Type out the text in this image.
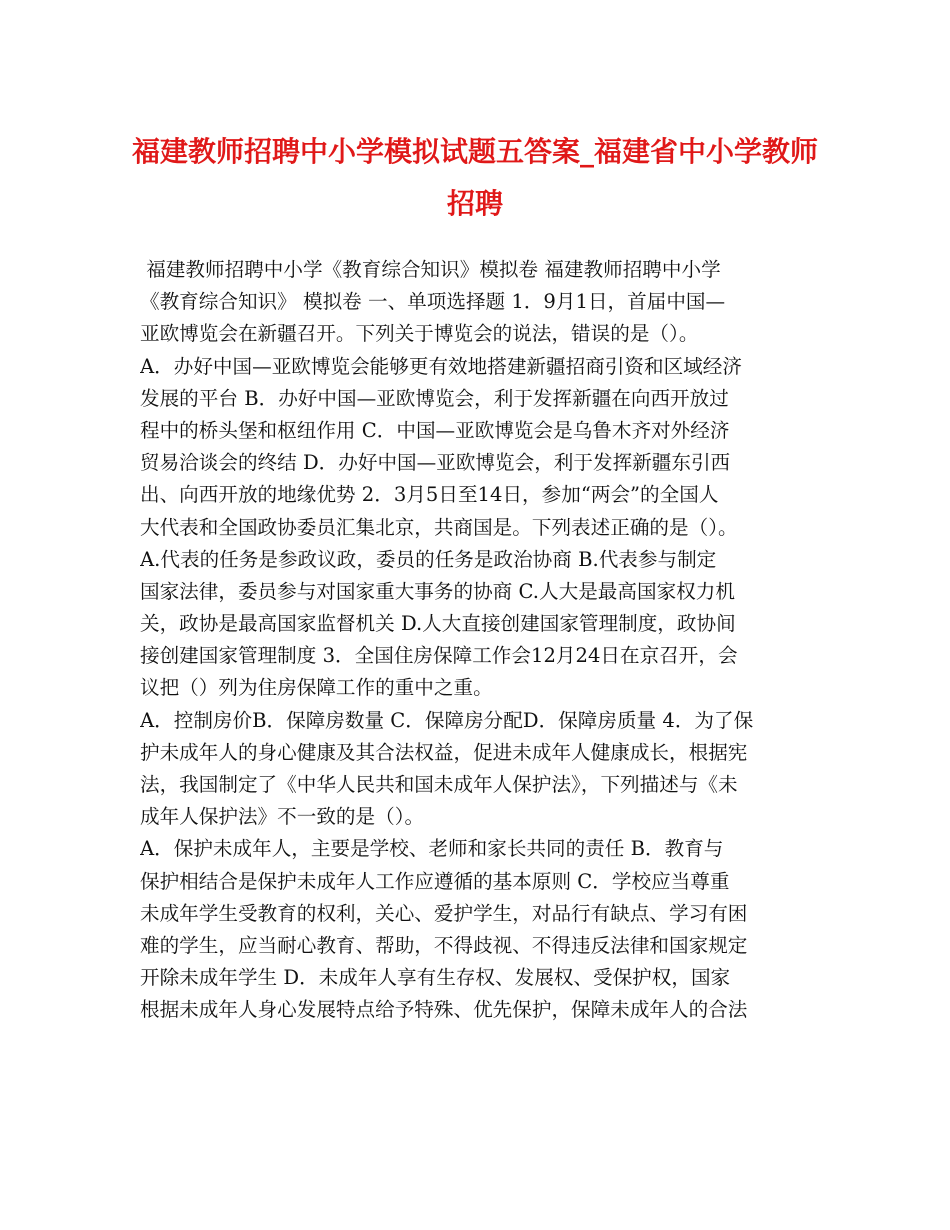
福建教师招聘中小学模拟试题五答案_福建省中小学教师招聘
福建教师招聘中小学《教育综合知识》模拟卷 福建教师招聘中小学
《教育综合知识》 模拟卷 一、单项选择题 1．9月1日，首届中国—
亚欧博览会在新疆召开。下列关于博览会的说法，错误的是（）。
A．办好中国—亚欧博览会能够更有效地搭建新疆招商引资和区域经济
发展的平台 B．办好中国—亚欧博览会，利于发挥新疆在向西开放过
程中的桥头堡和枢纽作用 C．中国—亚欧博览会是乌鲁木齐对外经济
贸易洽谈会的终结 D．办好中国—亚欧博览会，利于发挥新疆东引西
出、向西开放的地缘优势 2．3月5日至14日，参加“两会”的全国人
大代表和全国政协委员汇集北京，共商国是。下列表述正确的是（）。
A.代表的任务是参政议政，委员的任务是政治协商 B.代表参与制定
国家法律，委员参与对国家重大事务的协商 C.人大是最高国家权力机
关，政协是最高国家监督机关 D.人大直接创建国家管理制度，政协间
接创建国家管理制度 3．全国住房保障工作会12月24日在京召开，会
议把（）列为住房保障工作的重中之重。
A．控制房价B．保障房数量 C．保障房分配D．保障房质量 4．为了保
护未成年人的身心健康及其合法权益，促进未成年人健康成长，根据宪
法，我国制定了《中华人民共和国未成年人保护法》，下列描述与《未
成年人保护法》不一致的是（）。
A．保护未成年人，主要是学校、老师和家长共同的责任 B．教育与
保护相结合是保护未成年人工作应遵循的基本原则 C．学校应当尊重
未成年学生受教育的权利，关心、爱护学生，对品行有缺点、学习有困
难的学生，应当耐心教育、帮助，不得歧视、不得违反法律和国家规定
开除未成年学生 D．未成年人享有生存权、发展权、受保护权，国家
根据未成年人身心发展特点给予特殊、优先保护，保障未成年人的合法
